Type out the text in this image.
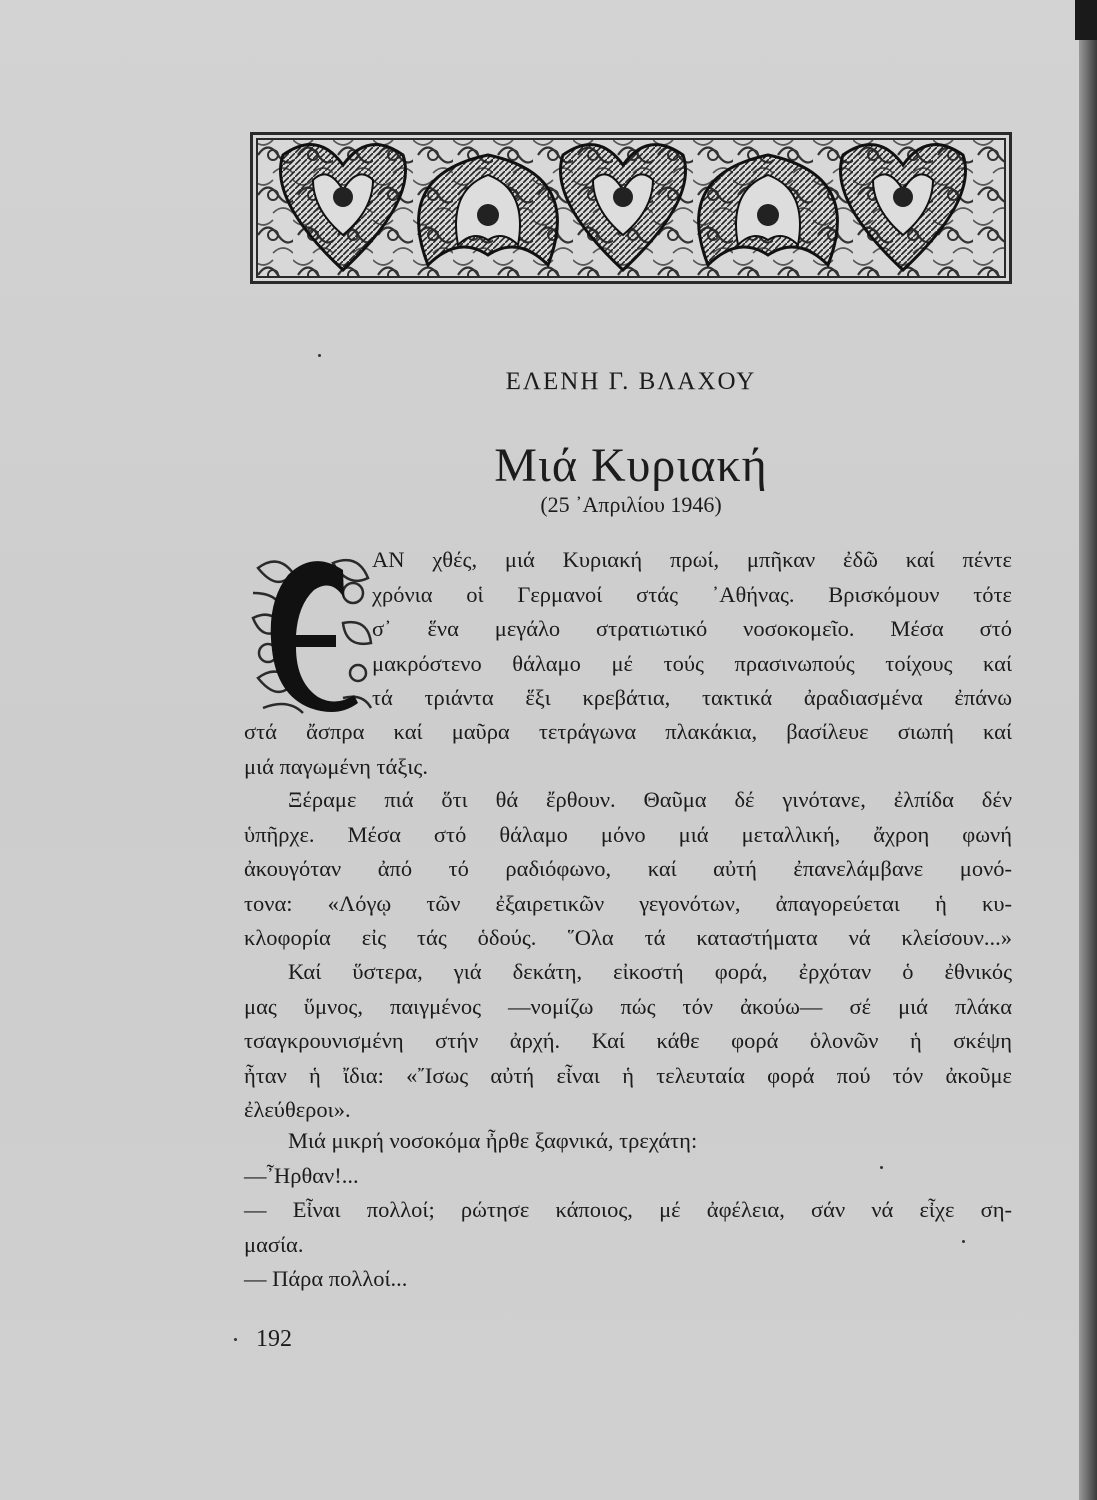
ΕΛΕΝΗ Γ. ΒΛΑΧΟΥ
Μιά Κυριακή
(25 ᾿Απριλίου 1946)
ΑΝ χθές, μιά Κυριακή πρωί, μπῆκαν ἐδῶ καί πέντε
χρόνια οἱ Γερμανοί στάς ᾿Αθήνας. Βρισκόμουν τότε
σ᾿ ἕνα μεγάλο στρατιωτικό νοσοκομεῖο. Μέσα στό
μακρόστενο θάλαμο μέ τούς πρασινωπούς τοίχους καί
τά τριάντα ἕξι κρεβάτια, τακτικά ἀραδιασμένα ἐπάνω
στά ἄσπρα καί μαῦρα τετράγωνα πλακάκια, βασίλευε σιωπή καί
μιά παγωμένη τάξις.
Ξέραμε πιά ὅτι θά ἔρθουν. Θαῦμα δέ γινότανε, ἐλπίδα δέν
ὑπῆρχε. Μέσα στό θάλαμο μόνο μιά μεταλλική, ἄχροη φωνή
ἀκουγόταν ἀπό τό ραδιόφωνο, καί αὐτή ἐπανελάμβανε μονό-
τονα: «Λόγῳ τῶν ἐξαιρετικῶν γεγονότων, ἀπαγορεύεται ἡ κυ-
κλοφορία εἰς τάς ὁδούς. ῞Ολα τά καταστήματα νά κλείσουν...»
Καί ὕστερα, γιά δεκάτη, εἰκοστή φορά, ἐρχόταν ὁ ἐθνικός
μας ὕμνος, παιγμένος —νομίζω πώς τόν ἀκούω— σέ μιά πλάκα
τσαγκρουνισμένη στήν ἀρχή. Καί κάθε φορά ὁλονῶν ἡ σκέψη
ἦταν ἡ ἴδια: «῎Ισως αὐτή εἶναι ἡ τελευταία φορά πού τόν ἀκοῦμε
ἐλεύθεροι».
Μιά μικρή νοσοκόμα ἦρθε ξαφνικά, τρεχάτη:
—῏Ηρθαν!...
— Εἶναι πολλοί; ρώτησε κάποιος, μέ ἀφέλεια, σάν νά εἶχε ση-
μασία.
— Πάρα πολλοί...
192
